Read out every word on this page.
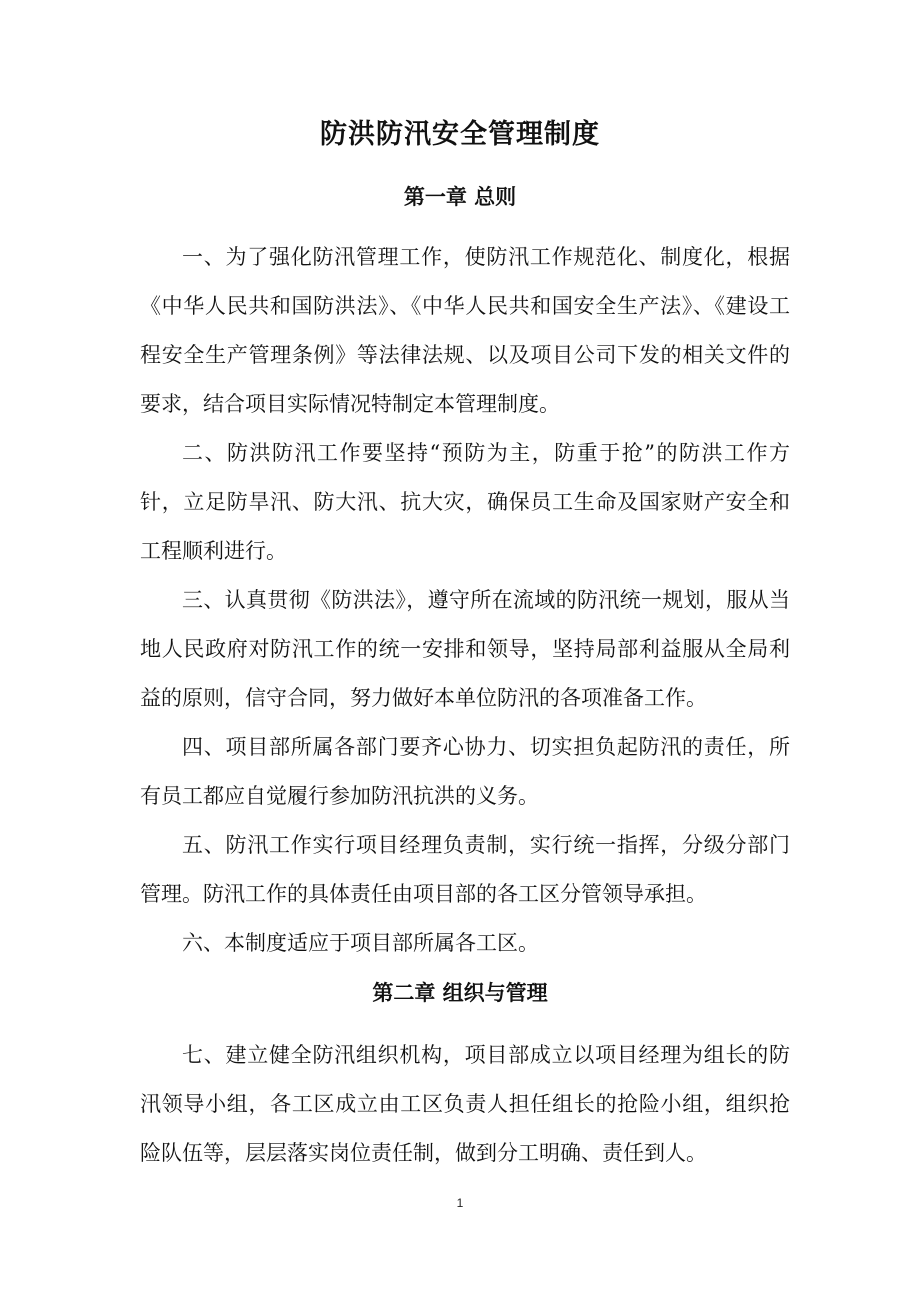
防洪防汛安全管理制度
第一章 总则

一、为了强化防汛管理工作，使防汛工作规范化、制度化，根据《中华人民共和国防洪法》、《中华人民共和国安全生产法》、《建设工程安全生产管理条例》等法律法规、以及项目公司下发的相关文件的要求，结合项目实际情况特制定本管理制度。

二、防洪防汛工作要坚持“预防为主，防重于抢”的防洪工作方针，立足防旱汛、防大汛、抗大灾，确保员工生命及国家财产安全和工程顺利进行。

三、认真贯彻《防洪法》，遵守所在流域的防汛统一规划，服从当地人民政府对防汛工作的统一安排和领导，坚持局部利益服从全局利益的原则，信守合同，努力做好本单位防汛的各项准备工作。

四、项目部所属各部门要齐心协力、切实担负起防汛的责任，所有员工都应自觉履行参加防汛抗洪的义务。

五、防汛工作实行项目经理负责制，实行统一指挥，分级分部门管理。防汛工作的具体责任由项目部的各工区分管领导承担。

六、本制度适应于项目部所属各工区。

第二章 组织与管理

七、建立健全防汛组织机构，项目部成立以项目经理为组长的防汛领导小组，各工区成立由工区负责人担任组长的抢险小组，组织抢险队伍等，层层落实岗位责任制，做到分工明确、责任到人。

1
